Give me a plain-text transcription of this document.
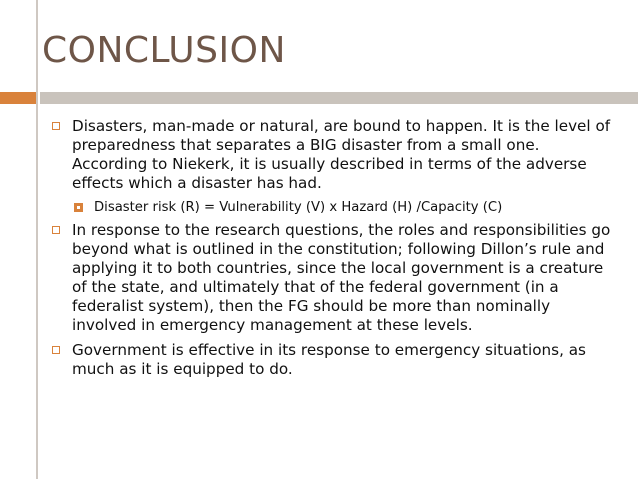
CONCLUSION
Disasters, man-made or natural, are bound to happen. It is the level of preparedness that separates a BIG disaster from a small one. According to Niekerk, it is usually described in terms of the adverse effects which a disaster has had.
Disaster risk (R) = Vulnerability (V) x Hazard (H) /Capacity (C)
In response to the research questions, the roles and responsibilities go beyond what is outlined in the constitution; following Dillon’s rule and applying it to both countries, since the local government is a creature of the state, and ultimately that of the federal government (in a federalist system), then the FG should be more than nominally involved in emergency management at these levels.
Government is effective in its response to emergency situations, as much as it is equipped to do.
